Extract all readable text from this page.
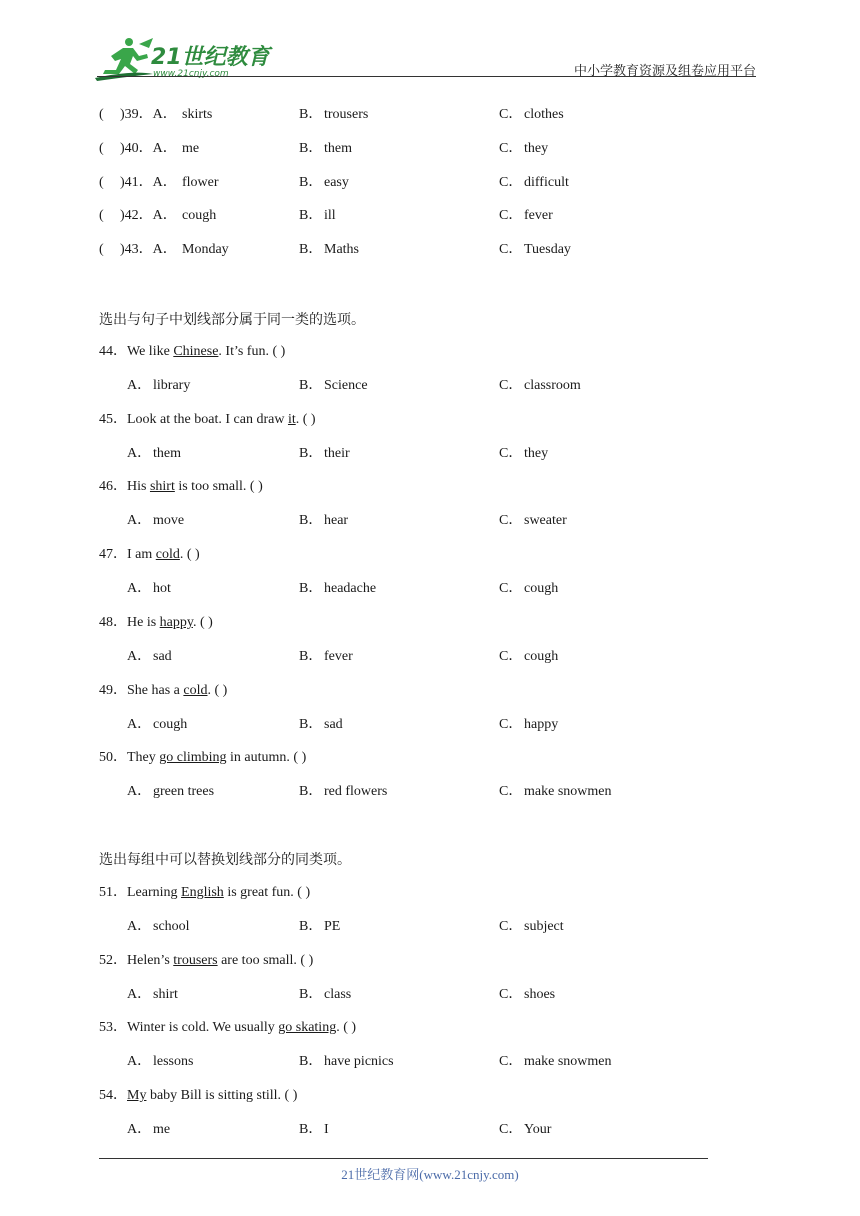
21世纪教育
www.21cnjy.com	中小学教育资源及组卷应用平台
( )39．A． skirts	B． trousers	C． clothes
( )40．A． me	B． them	C． they
( )41．A． flower	B． easy	C． difficult
( )42．A． cough	B． ill	C． fever
( )43．A． Monday	B． Maths	C． Tuesday
选出与句子中划线部分属于同一类的选项。
44．We like Chinese. It’s fun. ( )
A． library	B． Science	C． classroom
45．Look at the boat. I can draw it. ( )
A． them	B． their	C． they
46．His shirt is too small. ( )
A． move	B． hear	C． sweater
47．I am cold. ( )
A． hot	B． headache	C． cough
48．He is happy. ( )
A． sad	B． fever	C． cough
49．She has a cold. ( )
A． cough	B． sad	C． happy
50．They go climbing in autumn. ( )
A． green trees	B． red flowers	C． make snowmen
选出每组中可以替换划线部分的同类项。
51．Learning English is great fun. ( )
A． school	B． PE	C． subject
52．Helen’s trousers are too small. ( )
A． shirt	B． class	C． shoes
53．Winter is cold. We usually go skating. ( )
A． lessons	B． have picnics	C． make snowmen
54．My baby Bill is sitting still. ( )
A． me	B． I	C． Your
21世纪教育网(www.21cnjy.com)
